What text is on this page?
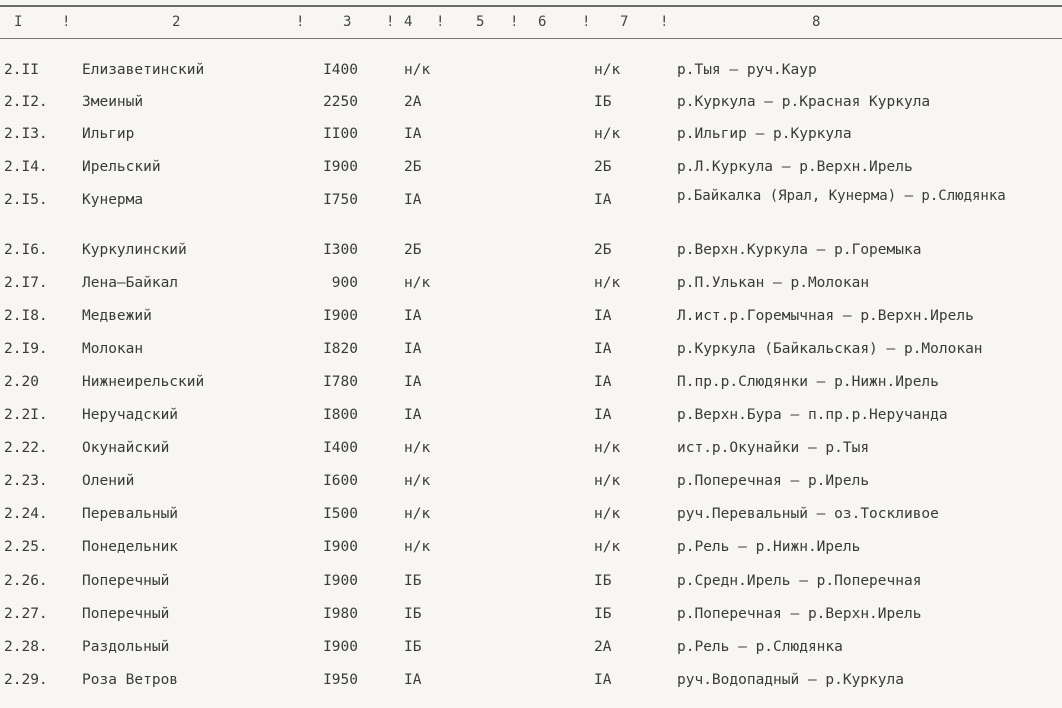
I	!	2	!	3 ! 4 ! 5 ! 6	! 7 !	8
2.II	Елизаветинский	I400	н/к	н/к	р.Тыя – руч.Каур
2.I2. Змеиный	2250	2А	IБ	р.Куркула – р.Красная Куркула
2.I3. Ильгир	II00	IА	н/к	р.Ильгир – р.Куркула
2.I4. Ирельский	I900	2Б	2Б	р.Л.Куркула – р.Верхн.Ирель
2.I5. Кунерма	I750	IА	IА	р.Байкалка (Ярал, Кунерма) – р.Слюдянка
2.I6. Куркулинский	I300	2Б	2Б	р.Верхн.Куркула – р.Горемыка
2.I7. Лена–Байкал	900	н/к	н/к	р.П.Улькан – р.Молокан
2.I8. Медвежий	I900	IА	IА	Л.ист.р.Горемычная – р.Верхн.Ирель
2.I9. Молокан	I820	IА	IА	р.Куркула (Байкальская) – р.Молокан
2.20	Нижнеирельский	I780	IА	IА	П.пр.р.Слюдянки – р.Нижн.Ирель
2.2I. Неручадский	I800	IА	IА	р.Верхн.Бура – п.пр.р.Неручанда
2.22. Окунайский	I400	н/к	н/к	ист.р.Окунайки – р.Тыя
2.23. Олений	I600	н/к	н/к	р.Поперечная – р.Ирель
2.24. Перевальный	I500	н/к	н/к	руч.Перевальный – оз.Тоскливое
2.25. Понедельник	I900	н/к	н/к	р.Рель – р.Нижн.Ирель
2.26. Поперечный	I900	IБ	IБ	р.Средн.Ирель – р.Поперечная
2.27. Поперечный	I980	IБ	IБ	р.Поперечная – р.Верхн.Ирель
2.28. Раздольный	I900	IБ	2А	р.Рель – р.Слюдянка
2.29. Роза Ветров	I950	IА	IА	руч.Водопадный – р.Куркула
